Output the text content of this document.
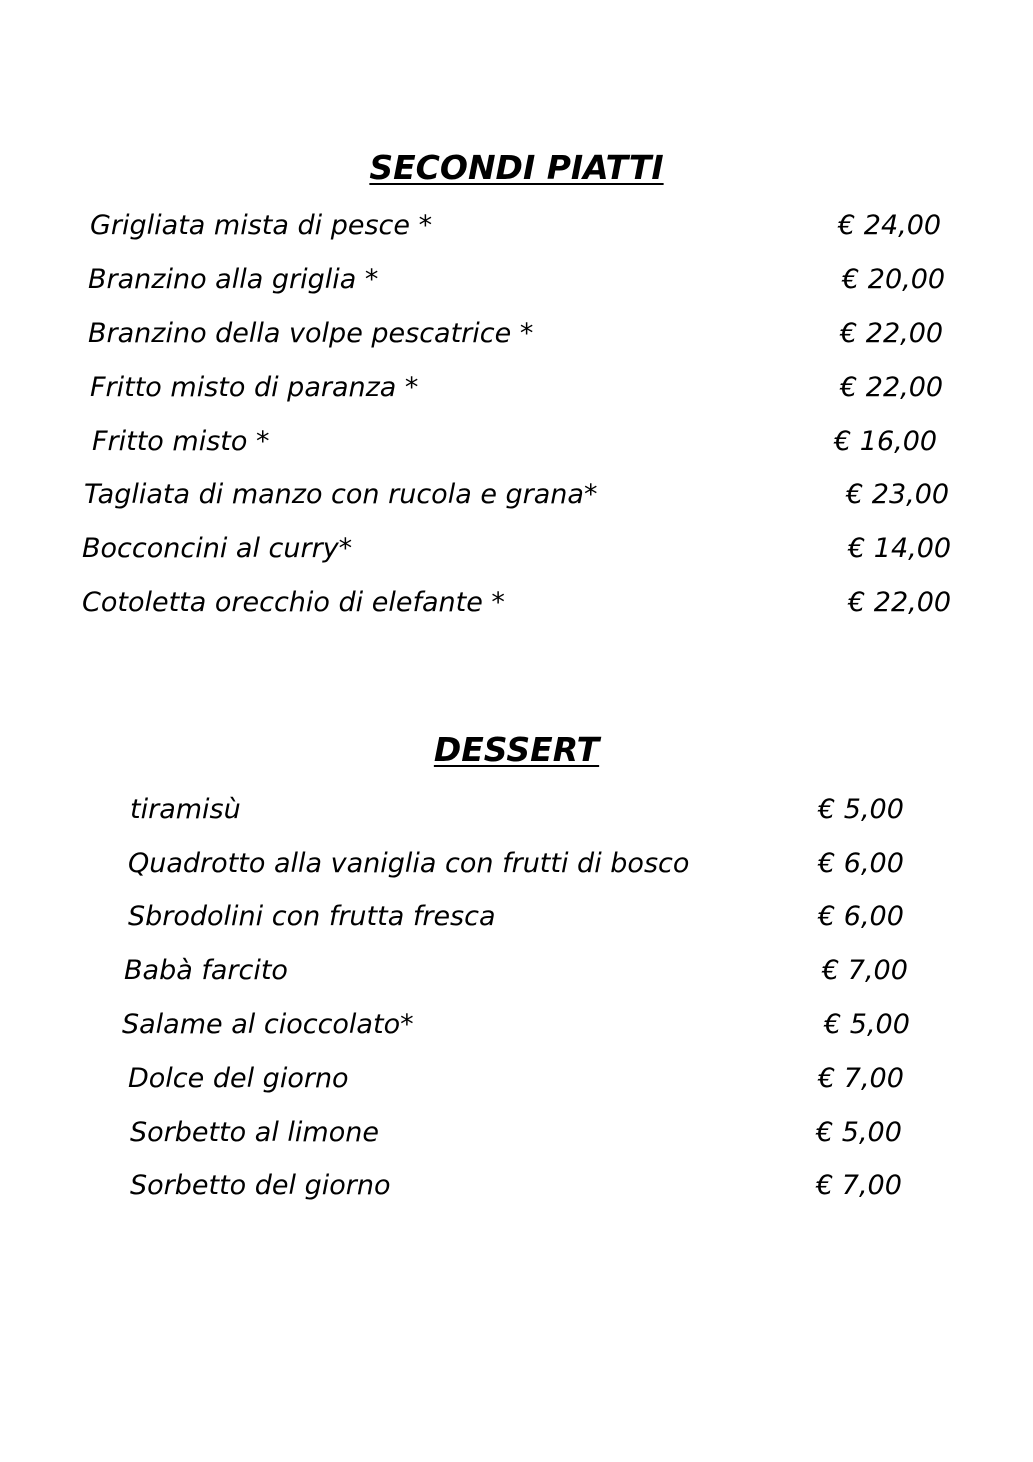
SECONDI PIATTI
Grigliata mista di pesce *	€ 24,00
Branzino alla griglia *	€ 20,00
Branzino della volpe pescatrice *	€ 22,00
Fritto misto di paranza *	€ 22,00
Fritto misto *	€ 16,00
Tagliata di manzo con rucola e grana*	€ 23,00
Bocconcini al curry*	€ 14,00
Cotoletta orecchio di elefante *	€ 22,00
DESSERT
tiramisù	€ 5,00
Quadrotto alla vaniglia con frutti di bosco	€ 6,00
Sbrodolini con frutta fresca	€ 6,00
Babà farcito	€ 7,00
Salame al cioccolato*	€ 5,00
Dolce del giorno	€ 7,00
Sorbetto al limone	€ 5,00
Sorbetto del giorno	€ 7,00
